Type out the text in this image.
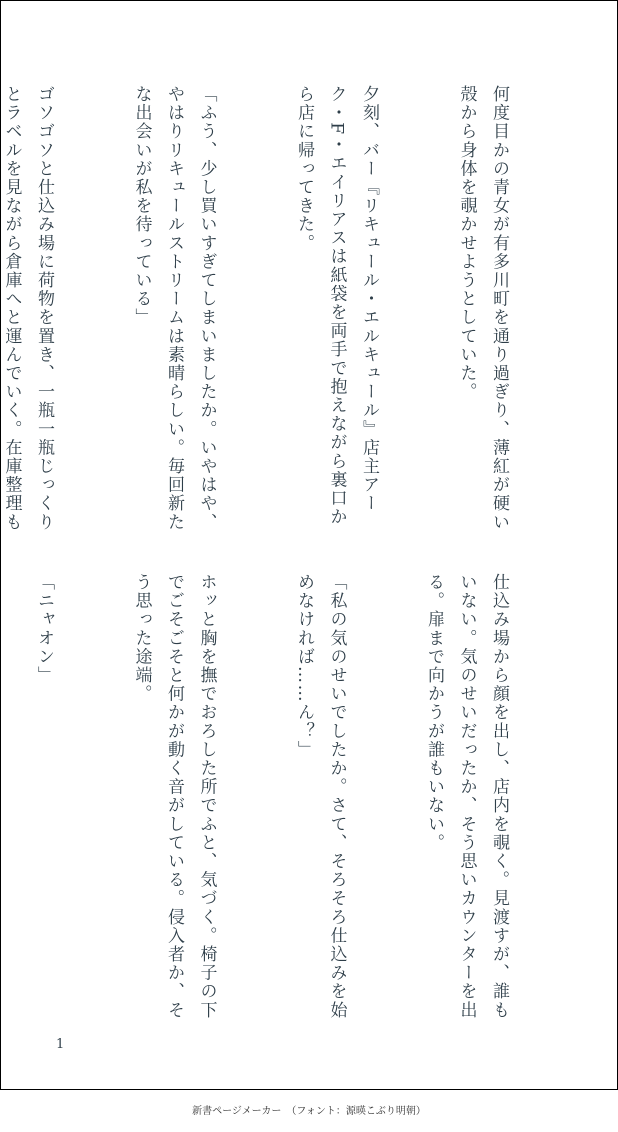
何度目かの青女が有多川町を通り過ぎり、薄紅が硬い殻から身体を覗かせようとしていた。

夕刻、バー『リキュール・エルキュール』店主アーク・F・エイリアスは紙袋を両手で抱えながら裏口から店に帰ってきた。

「ふう、少し買いすぎてしまいましたか。いやはや、やはりリキュールストリームは素晴らしい。毎回新たな出会いが私を待っている」

ゴソゴソと仕込み場に荷物を置き、一瓶一瓶じっくりとラベルを見ながら倉庫へと運んでいく。在庫整理も

仕込み場から顔を出し、店内を覗く。見渡すが、誰もいない。気のせいだったか、そう思いカウンターを出る。扉まで向かうが誰もいない。

「私の気のせいでしたか。さて、そろそろ仕込みを始めなければ……ん？」

ホッと胸を撫でおろした所でふと、気づく。椅子の下でごそごそと何かが動く音がしている。侵入者か、そう思った途端。

「ニャオン」

1
新書ページメーカー　（フォント：源暎こぶり明朝）
